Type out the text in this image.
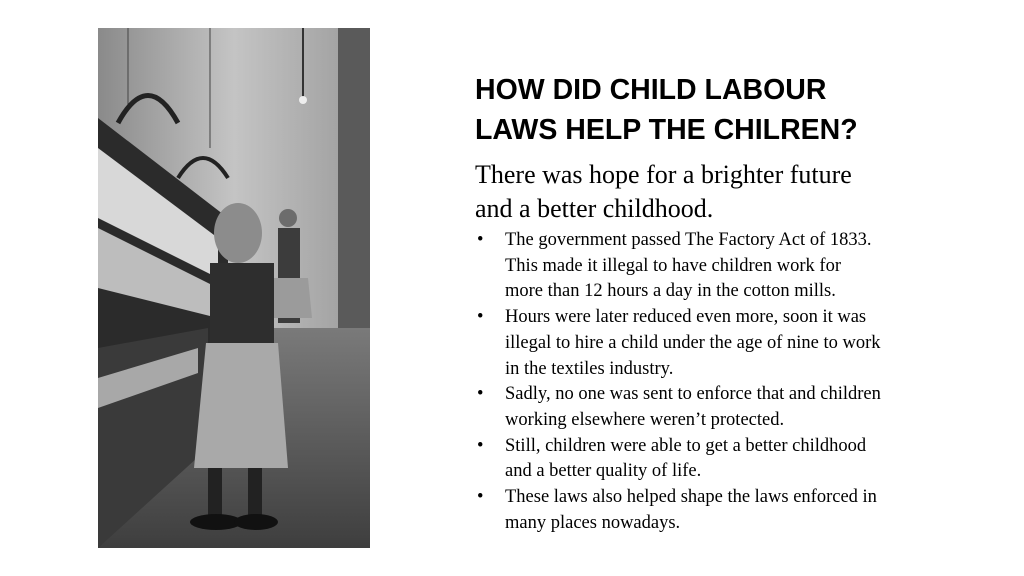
HOW DID CHILD LABOUR
LAWS HELP THE CHILREN?

There was hope for a brighter future
and a better childhood.

• The government passed The Factory Act of 1833.
This made it illegal to have children work for
more than 12 hours a day in the cotton mills.
• Hours were later reduced even more, soon it was
illegal to hire a child under the age of nine to work
in the textiles industry.
• Sadly, no one was sent to enforce that and children
working elsewhere weren’t protected.
• Still, children were able to get a better childhood
and a better quality of life.
• These laws also helped shape the laws enforced in
many places nowadays.
